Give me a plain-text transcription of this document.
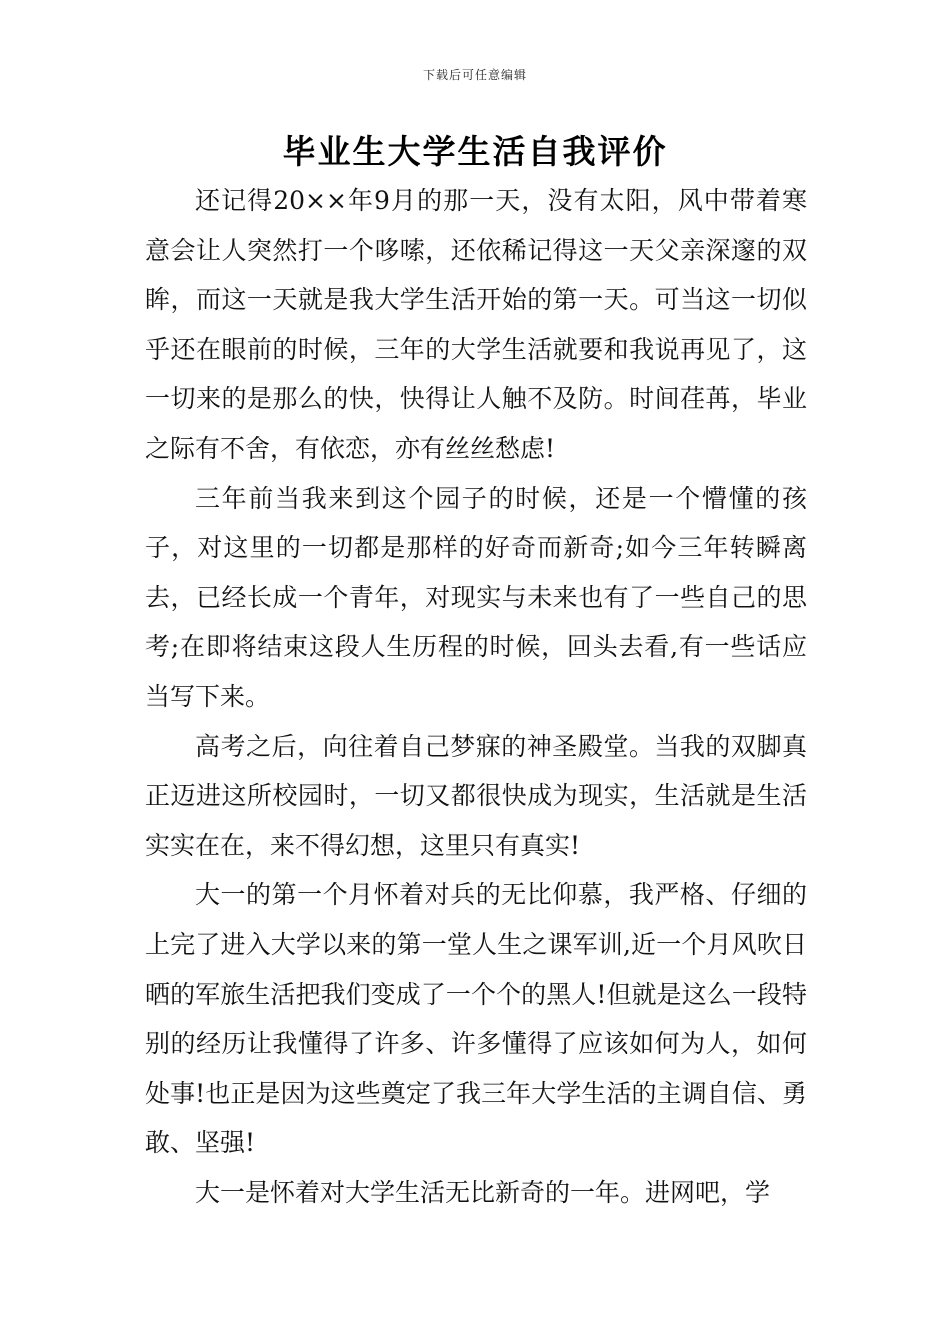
下载后可任意编辑
毕业生大学生活自我评价

还记得20××年9月的那一天，没有太阳，风中带着寒意会让人突然打一个哆嗦，还依稀记得这一天父亲深邃的双眸，而这一天就是我大学生活开始的第一天。可当这一切似乎还在眼前的时候，三年的大学生活就要和我说再见了，这一切来的是那么的快，快得让人触不及防。时间荏苒，毕业之际有不舍，有依恋，亦有丝丝愁虑!

三年前当我来到这个园子的时候，还是一个懵懂的孩子，对这里的一切都是那样的好奇而新奇;如今三年转瞬离去，已经长成一个青年，对现实与未来也有了一些自己的思考;在即将结束这段人生历程的时候，回头去看,有一些话应当写下来。

高考之后，向往着自己梦寐的神圣殿堂。当我的双脚真正迈进这所校园时，一切又都很快成为现实，生活就是生活实实在在，来不得幻想，这里只有真实!

大一的第一个月怀着对兵的无比仰慕，我严格、仔细的上完了进入大学以来的第一堂人生之课军训,近一个月风吹日晒的军旅生活把我们变成了一个个的黑人!但就是这么一段特别的经历让我懂得了许多、许多懂得了应该如何为人，如何处事!也正是因为这些奠定了我三年大学生活的主调自信、勇敢、坚强!

大一是怀着对大学生活无比新奇的一年。进网吧，学
